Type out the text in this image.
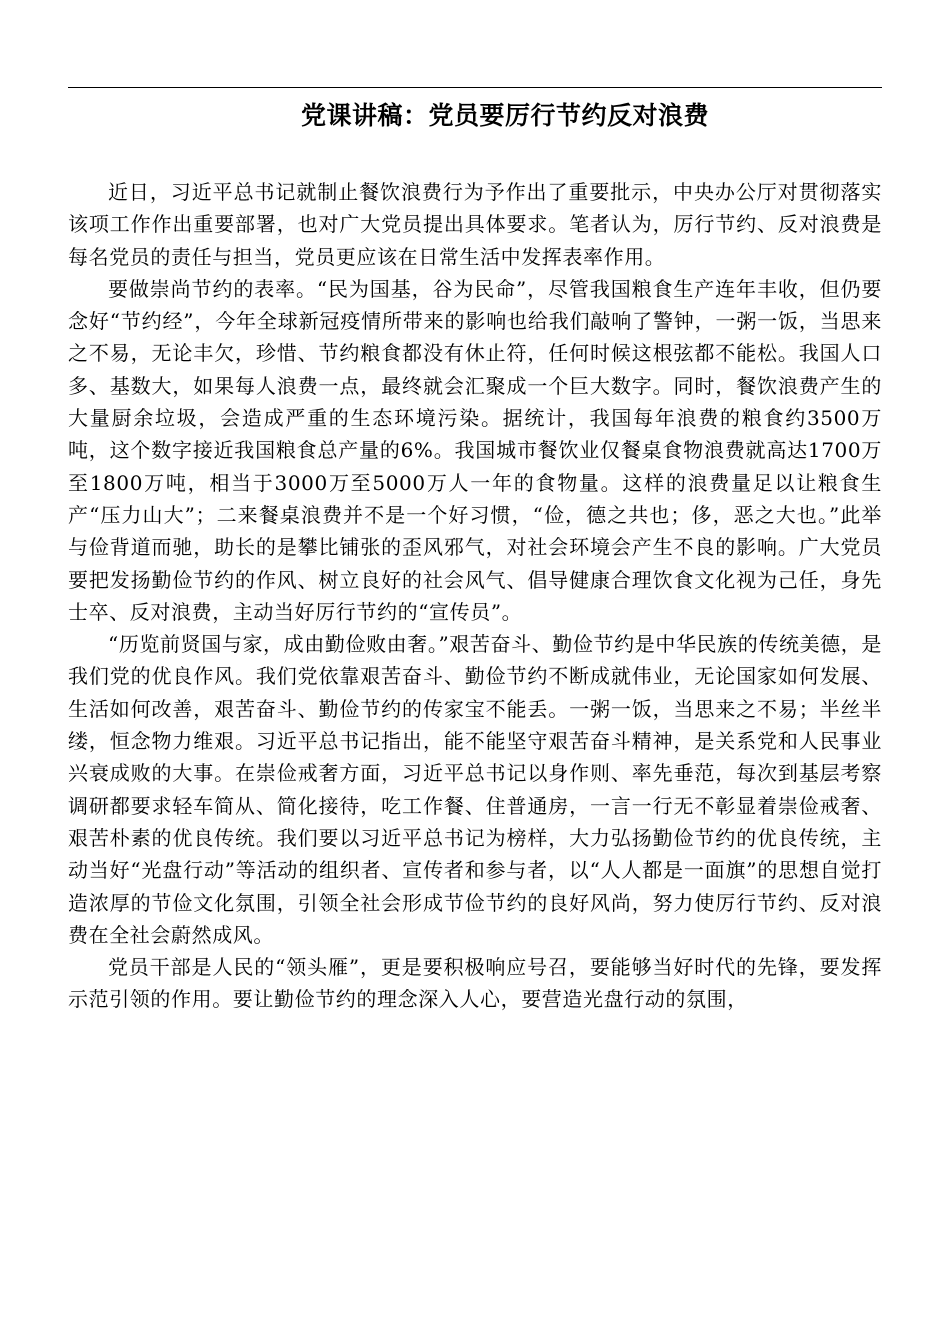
党课讲稿：党员要厉行节约反对浪费

近日，习近平总书记就制止餐饮浪费行为予作出了重要批示，中央办公厅对贯彻落实该项工作作出重要部署，也对广大党员提出具体要求。笔者认为，厉行节约、反对浪费是每名党员的责任与担当，党员更应该在日常生活中发挥表率作用。

要做崇尚节约的表率。“民为国基，谷为民命”，尽管我国粮食生产连年丰收，但仍要念好“节约经”，今年全球新冠疫情所带来的影响也给我们敲响了警钟，一粥一饭，当思来之不易，无论丰欠，珍惜、节约粮食都没有休止符，任何时候这根弦都不能松。我国人口多、基数大，如果每人浪费一点，最终就会汇聚成一个巨大数字。同时，餐饮浪费产生的大量厨余垃圾，会造成严重的生态环境污染。据统计，我国每年浪费的粮食约3500万吨，这个数字接近我国粮食总产量的6%。我国城市餐饮业仅餐桌食物浪费就高达1700万至1800万吨，相当于3000万至5000万人一年的食物量。这样的浪费量足以让粮食生产“压力山大”；二来餐桌浪费并不是一个好习惯，“俭，德之共也；侈，恶之大也。”此举与俭背道而驰，助长的是攀比铺张的歪风邪气，对社会环境会产生不良的影响。广大党员要把发扬勤俭节约的作风、树立良好的社会风气、倡导健康合理饮食文化视为己任，身先士卒、反对浪费，主动当好厉行节约的“宣传员”。

“历览前贤国与家，成由勤俭败由奢。”艰苦奋斗、勤俭节约是中华民族的传统美德，是我们党的优良作风。我们党依靠艰苦奋斗、勤俭节约不断成就伟业，无论国家如何发展、生活如何改善，艰苦奋斗、勤俭节约的传家宝不能丢。一粥一饭，当思来之不易；半丝半缕，恒念物力维艰。习近平总书记指出，能不能坚守艰苦奋斗精神，是关系党和人民事业兴衰成败的大事。在崇俭戒奢方面，习近平总书记以身作则、率先垂范，每次到基层考察调研都要求轻车简从、简化接待，吃工作餐、住普通房，一言一行无不彰显着崇俭戒奢、艰苦朴素的优良传统。我们要以习近平总书记为榜样，大力弘扬勤俭节约的优良传统，主动当好“光盘行动”等活动的组织者、宣传者和参与者，以“人人都是一面旗”的思想自觉打造浓厚的节俭文化氛围，引领全社会形成节俭节约的良好风尚，努力使厉行节约、反对浪费在全社会蔚然成风。

党员干部是人民的“领头雁”，更是要积极响应号召，要能够当好时代的先锋，要发挥示范引领的作用。要让勤俭节约的理念深入人心，要营造光盘行动的氛围，
